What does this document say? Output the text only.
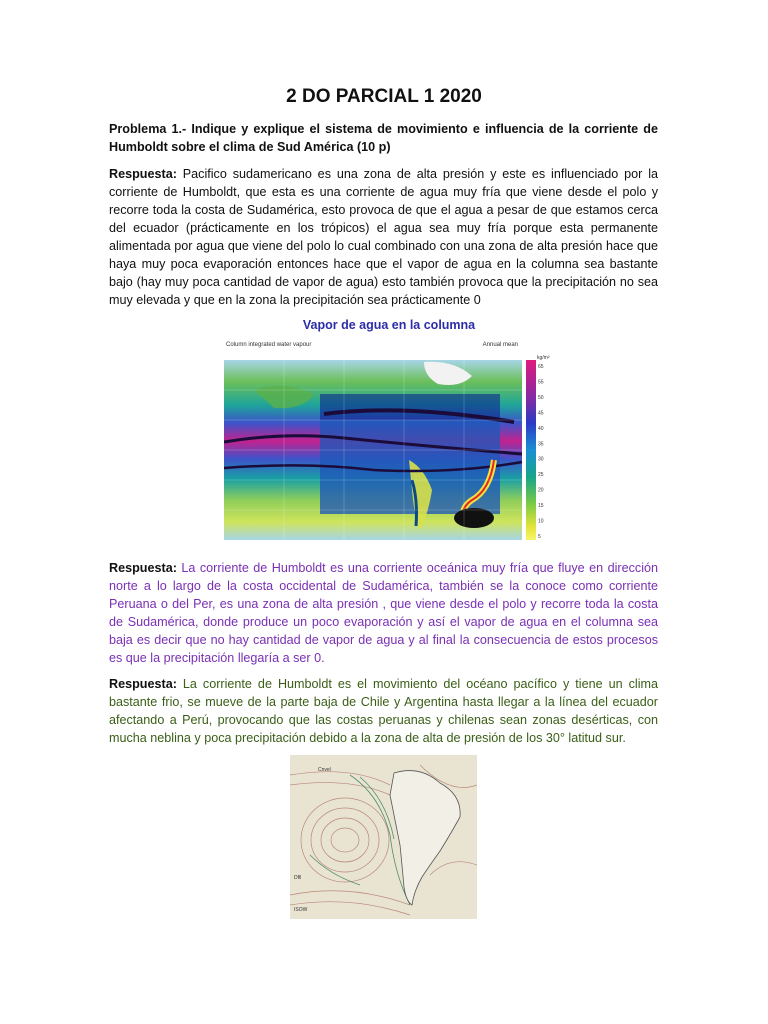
2 DO PARCIAL 1 2020

Problema 1.- Indique y explique el sistema de movimiento e influencia de la corriente de Humboldt sobre el clima de Sud América (10 p)

Respuesta: Pacifico sudamericano es una zona de alta presión y este es influenciado por la corriente de Humboldt, que esta es una corriente de agua muy fría que viene desde el polo y recorre toda la costa de Sudamérica, esto provoca de que el agua a pesar de que estamos cerca del ecuador (prácticamente en los trópicos) el agua sea muy fría porque esta permanente alimentada por agua que viene del polo lo cual combinado con una zona de alta presión hace que haya muy poca evaporación entonces hace que el vapor de agua en la columna sea bastante bajo (hay muy poca cantidad de vapor de agua) esto también provoca que la precipitación no sea muy elevada y que en la zona la precipitación sea prácticamente 0

Vapor de agua en la columna
Column integrated water vapour	Annual mean
kg/m²
65
55
50
45
40
35
30
25
20
15
10
5

Respuesta: La corriente de Humboldt es una corriente oceánica muy fría que fluye en dirección norte a lo largo de la costa occidental de Sudamérica, también se la conoce como corriente Peruana o del Per, es una zona de alta presión , que viene desde el polo y recorre toda la costa de Sudamérica, donde produce un poco evaporación y así el vapor de agua en el columna sea baja es decir que no hay cantidad de vapor de agua y al final la consecuencia de estos procesos es que la precipitación llegaría a ser 0.

Respuesta: La corriente de Humboldt es el movimiento del océano pacífico y tiene un clima bastante frio, se mueve de la parte baja de Chile y Argentina hasta llegar a la línea del ecuador afectando a Perú, provocando que las costas peruanas y chilenas sean zonas desérticas, con mucha neblina y poca precipitación debido a la zona de alta de presión de los 30° latitud sur.

Cnvel
Dfll
ISOW
